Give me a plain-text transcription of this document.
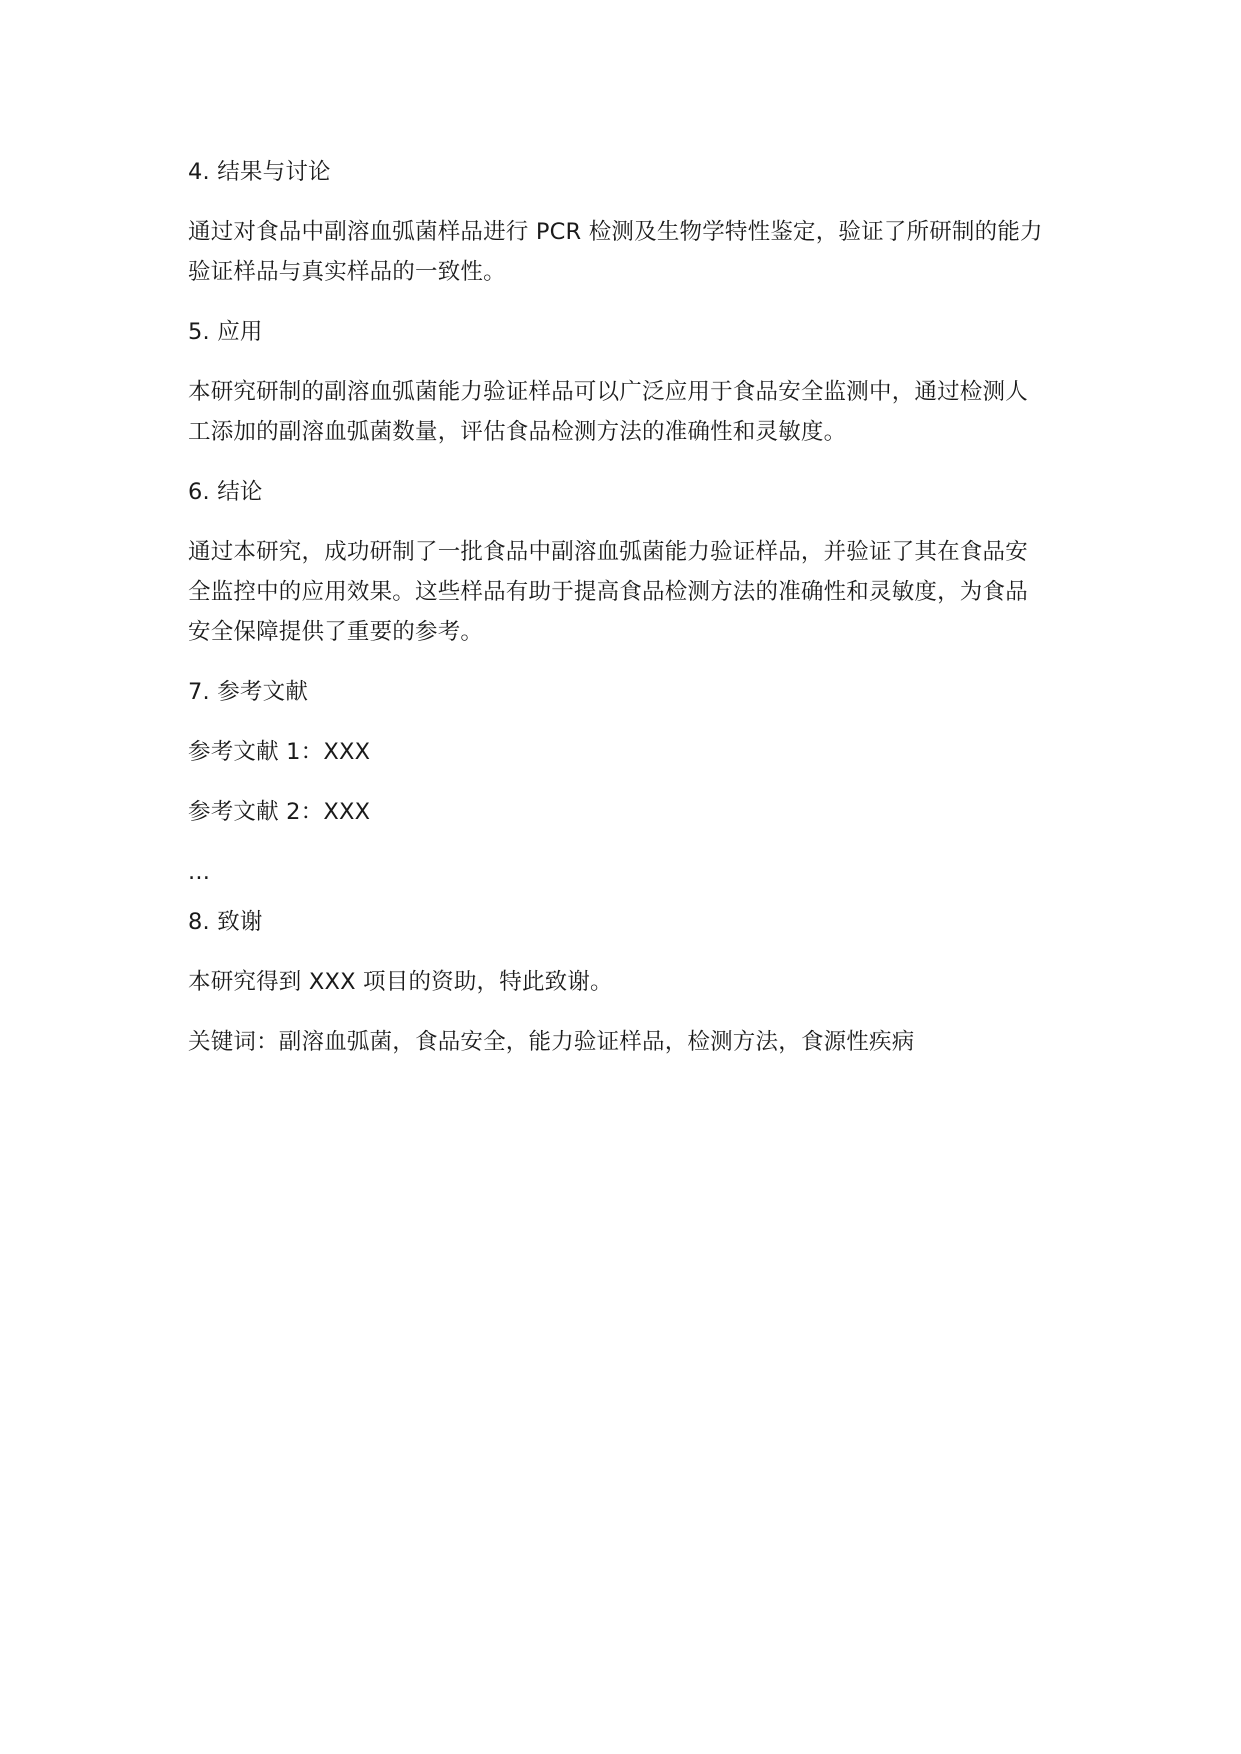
4. 结果与讨论

通过对食品中副溶血弧菌样品进行 PCR 检测及生物学特性鉴定，验证了所研制的能力

验证样品与真实样品的一致性。

5. 应用

本研究研制的副溶血弧菌能力验证样品可以广泛应用于食品安全监测中，通过检测人

工添加的副溶血弧菌数量，评估食品检测方法的准确性和灵敏度。

6. 结论

通过本研究，成功研制了一批食品中副溶血弧菌能力验证样品，并验证了其在食品安

全监控中的应用效果。这些样品有助于提高食品检测方法的准确性和灵敏度，为食品

安全保障提供了重要的参考。

7. 参考文献

参考文献 1：XXX

参考文献 2：XXX

...

8. 致谢

本研究得到 XXX 项目的资助，特此致谢。

关键词：副溶血弧菌，食品安全，能力验证样品，检测方法，食源性疾病
